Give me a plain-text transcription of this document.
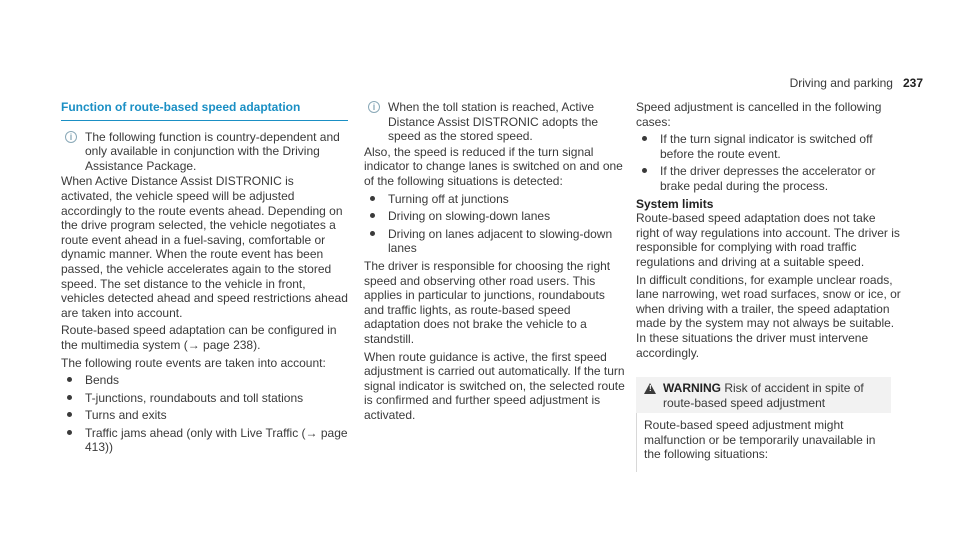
Driving and parking 237
Function of route-based speed adaptation
i	The following function is country-dependent and only available in conjunction with the Driving Assistance Package.

When Active Distance Assist DISTRONIC is activated, the vehicle speed will be adjusted accordingly to the route events ahead. Depending on the drive program selected, the vehicle negotiates a route event ahead in a fuel-saving, comfortable or dynamic manner. When the route event has been passed, the vehicle accelerates again to the stored speed. The set distance to the vehicle in front, vehicles detected ahead and speed restrictions ahead are taken into account.

Route-based speed adaptation can be configured in the multimedia system (→ page 238).

The following route events are taken into account:

Bends
T-junctions, roundabouts and toll stations
Turns and exits
Traffic jams ahead (only with Live Traffic (→ page 413))
i	When the toll station is reached, Active Distance Assist DISTRONIC adopts the speed as the stored speed.

Also, the speed is reduced if the turn signal indicator to change lanes is switched on and one of the following situations is detected:

Turning off at junctions
Driving on slowing-down lanes
Driving on lanes adjacent to slowing-down lanes

The driver is responsible for choosing the right speed and observing other road users. This applies in particular to junctions, roundabouts and traffic lights, as route-based speed adaptation does not brake the vehicle to a standstill.

When route guidance is active, the first speed adjustment is carried out automatically. If the turn signal indicator is switched on, the selected route is confirmed and further speed adjustment is activated.

Speed adjustment is cancelled in the following cases:

If the turn signal indicator is switched off before the route event.
If the driver depresses the accelerator or brake pedal during the process.
System limits

Route-based speed adaptation does not take right of way regulations into account. The driver is responsible for complying with road traffic regulations and driving at a suitable speed.

In difficult conditions, for example unclear roads, lane narrowing, wet road surfaces, snow or ice, or when driving with a trailer, the speed adaptation made by the system may not always be suitable. In these situations the driver must intervene accordingly.

! WARNING Risk of accident in spite of route-based speed adjustment
Route-based speed adjustment might malfunction or be temporarily unavailable in the following situations:
